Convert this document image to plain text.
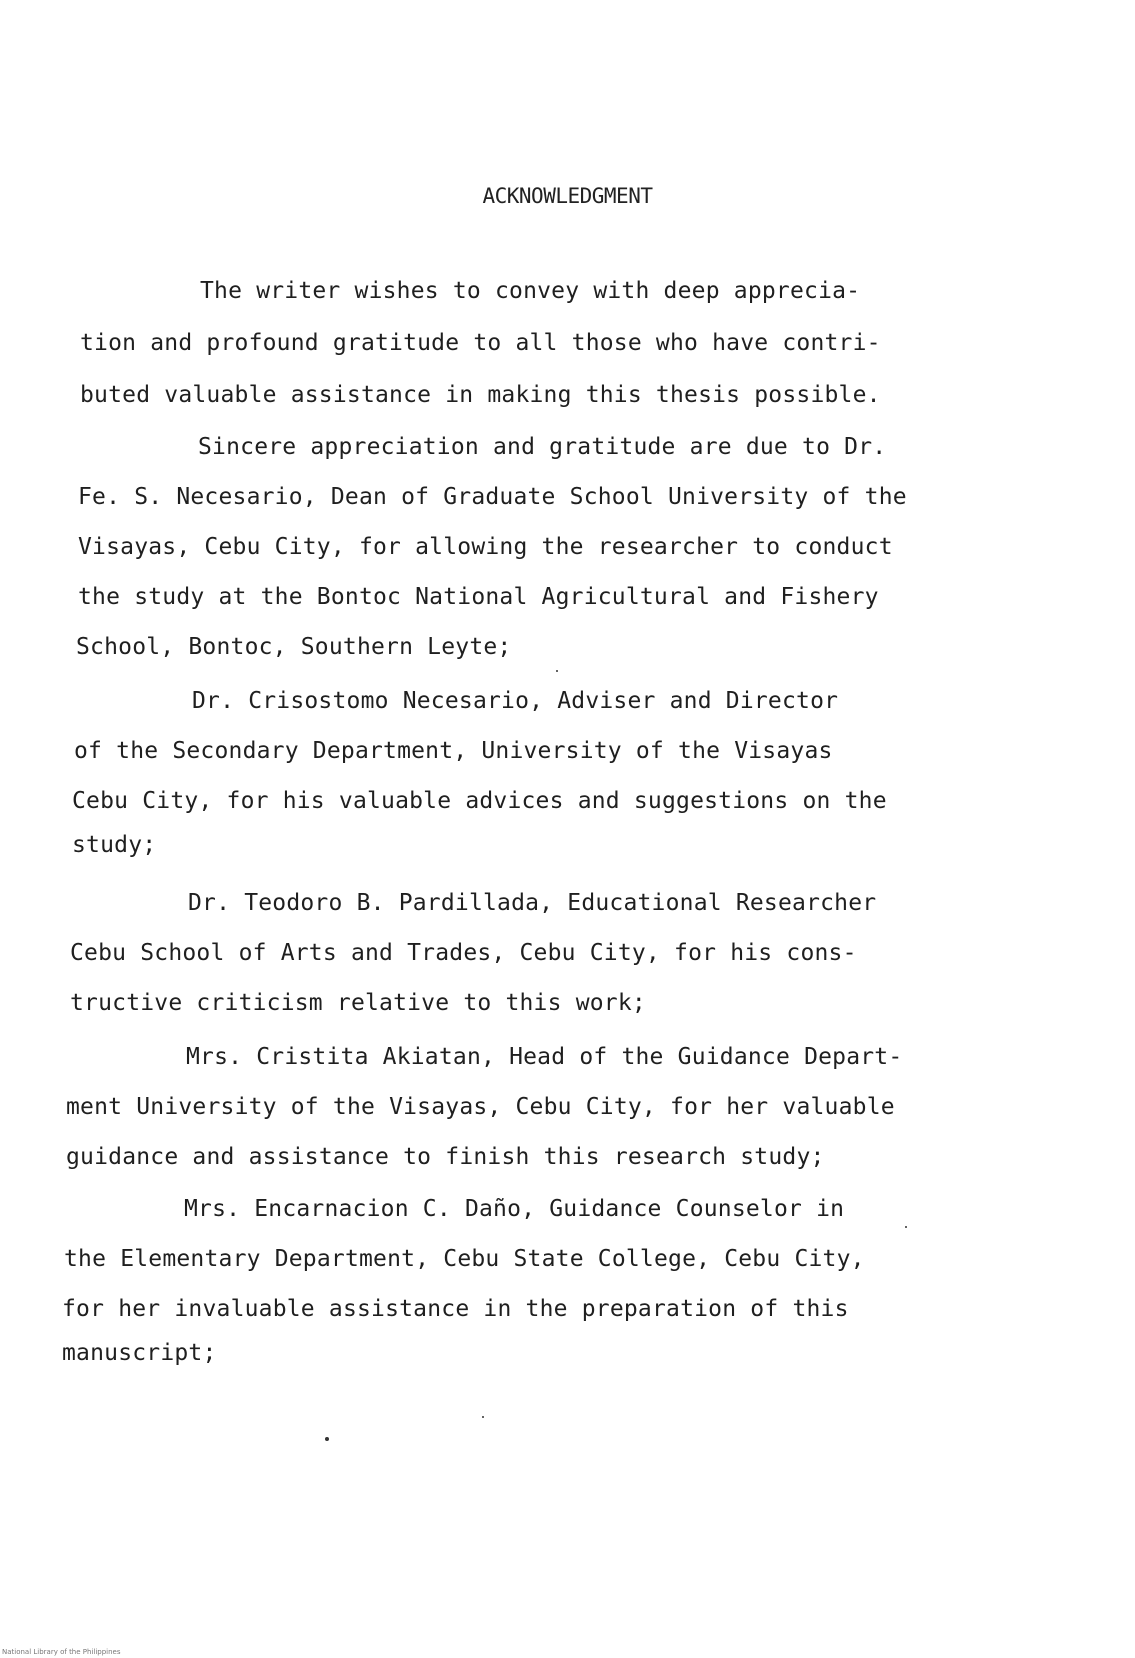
ACKNOWLEDGMENT
The writer wishes to convey with deep apprecia-
tion and profound gratitude to all those who have contri-
buted valuable assistance in making this thesis possible.
Sincere appreciation and gratitude are due to Dr.
Fe. S. Necesario, Dean of Graduate School University of the
Visayas, Cebu City, for allowing the researcher to conduct
the study at the Bontoc National Agricultural and Fishery
School, Bontoc, Southern Leyte;
Dr. Crisostomo Necesario, Adviser and Director
of the Secondary Department, University of the Visayas
Cebu City, for his valuable advices and suggestions on the
study;
Dr. Teodoro B. Pardillada, Educational Researcher
Cebu School of Arts and Trades, Cebu City, for his cons-
tructive criticism relative to this work;
Mrs. Cristita Akiatan, Head of the Guidance Depart-
ment University of the Visayas, Cebu City, for her valuable
guidance and assistance to finish this research study;
Mrs. Encarnacion C. Daño, Guidance Counselor in
the Elementary Department, Cebu State College, Cebu City,
for her invaluable assistance in the preparation of this
manuscript;
National Library of the Philippines
